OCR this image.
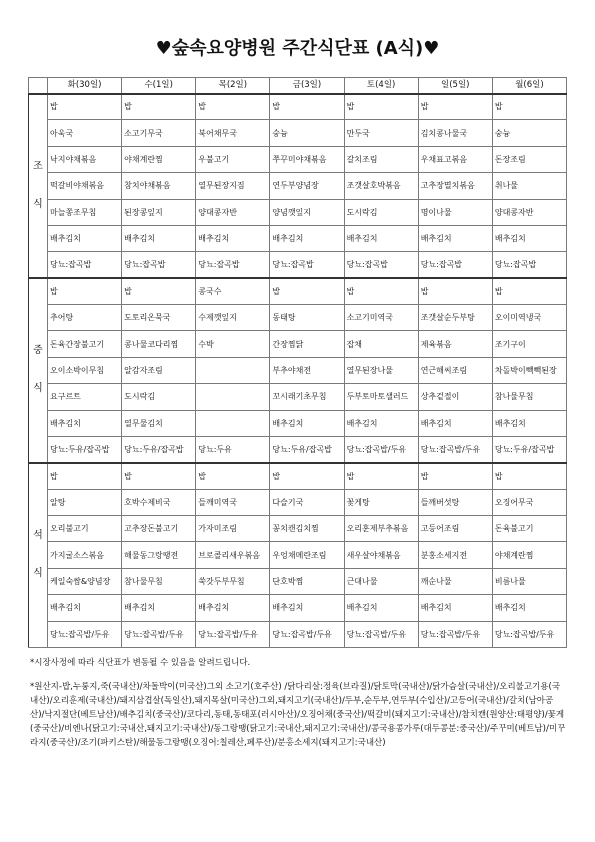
♥숲속요양병원 주간식단표 (A식)♥
	화(30일)	수(1일)	목(2일)	금(3일)	토(4일)	일(5일)	월(6일)

조
식	밥	밥	밥	밥	밥	밥	밥
	아욱국	소고기무국	북어채무국	숭늉	만두국	김치콩나물국	숭늉
	낙지야채볶음	야채계란찜	우불고기	쭈꾸미야채볶음	갈치조림	우채표고볶음	돈장조림
	떡갈비야채볶음	참치야채볶음	열무된장지짐	연두부양념장	조갯살호박볶음	고추장멸치볶음	취나물
	마늘쫑조무침	된장콩잎지	양대콩자반	양념깻잎지	도시락김	명이나물	양대콩자반
	배추김치	배추김치	배추김치	배추김치	배추김치	배추김치	배추김치
	당뇨:잡곡밥	당뇨:잡곡밥	당뇨:잡곡밥	당뇨:잡곡밥	당뇨:잡곡밥	당뇨:잡곡밥	당뇨:잡곡밥

중
식	밥	밥	콩국수	밥	밥	밥	밥
	추어탕	도토리온묵국	수제깻잎지	동태탕	소고기미역국	조갯살순두부탕	오이미역냉국
	돈육간장불고기	콩나물코다리찜	수박	간장찜닭	잡채	제육볶음	조기구이
	오이소박이무침	알감자조림		부추야채전	열무된장나물	연근해씨조림	차돌박이빽빽된장
	요구르트	도시락김		꼬시래기초무침	두부토마토샐러드	상추겉절이	참나물무침
	배추김치	열무물김치		배추김치	배추김치	배추김치	배추김치
	당뇨:두유/잡곡밥	당뇨:두유/잡곡밥	당뇨:두유	당뇨:두유/잡곡밥	당뇨:잡곡밥/두유	당뇨:잡곡밥/두유	당뇨:두유/잡곡밥

석
식	밥	밥	밥	밥	밥	밥	밥
	알탕	호박수제비국	들깨미역국	다슬기국	꽃게탕	들깨버섯탕	오징어무국
	오리불고기	고추장돈불고기	가자미조림	꽁치캔김치찜	오리훈제부추볶음	고등어조림	돈육불고기
	가지굴소스볶음	해물동그랑땡전	브로콜리새우볶음	우엉채메란조림	새우살야채볶음	분홍소세지전	야채계란찜
	케일숙쌈&양념장	참나물무침	쑥갓두부무침	단호박찜	근대나물	깨순나물	비름나물
	배추김치	배추김치	배추김치	배추김치	배추김치	배추김치	배추김치
	당뇨:잡곡밥/두유	당뇨:잡곡밥/두유	당뇨:잡곡밥/두유	당뇨:잡곡밥/두유	당뇨:잡곡밥/두유	당뇨:잡곡밥/두유	당뇨:잡곡밥/두유

*시장사정에 따라 식단표가 변동될 수 있음을 알려드립니다.

*원산지-밥,누룽지,죽(국내산)/차돌박이(미국산)그외 소고기(호주산) /닭다리살:정육(브라질)/닭토막(국내산)/닭가슴살(국내산)/오리불고기용(국내산)/오리훈제(국내산)/돼지삼겹살(독일산),돼지목살(미국산)그외,돼지고기(국내산)/두부,순두부,연두부(수입산)/고등어(국내산)/갈치(남아공산)/낙지절단(베트남산)/배추김치(중국산)/코다리,동태,동태포(러시아산)/오징어채(중국산)/떡갈비(돼지고기:국내산)/참치캔(원양산:태평양)/꽃게(중국산)/비엔나(닭고기:국내산,돼지고기:국내산)/동그랑땡(닭고기:국내산,돼지고기:국내산)/콩국용콩가루(대두콩분:중국산)/주꾸미(베트남)/미꾸라지(중국산)/조기(파키스탄)/해물동그랑땡(오징어:칠레산,페루산)/분홍소세지(돼지고기:국내산)
